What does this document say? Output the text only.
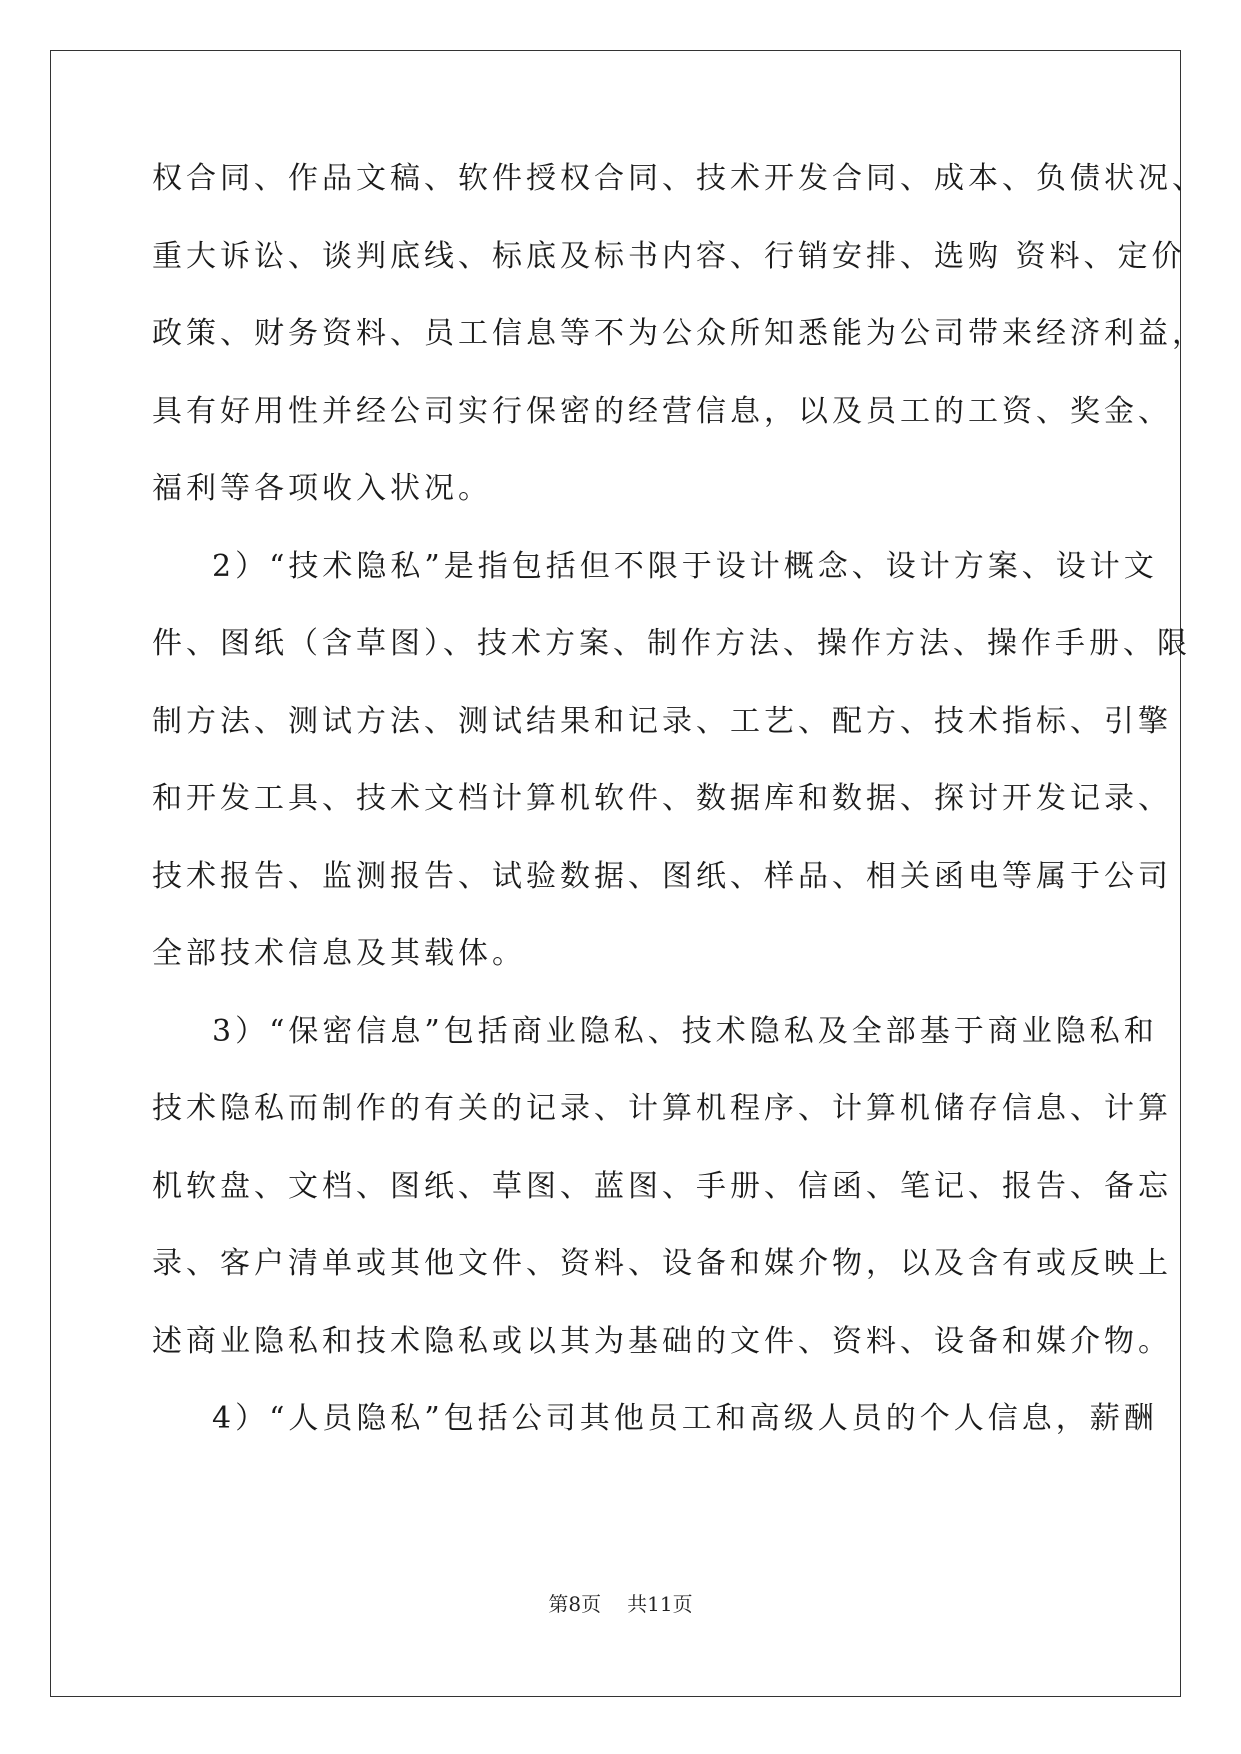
权合同、作品文稿、软件授权合同、技术开发合同、成本、负债状况、
重大诉讼、谈判底线、标底及标书内容、行销安排、选购 资料、定价
政策、财务资料、员工信息等不为公众所知悉能为公司带来经济利益，
具有好用性并经公司实行保密的经营信息，以及员工的工资、奖金、
福利等各项收入状况。
2）“技术隐私”是指包括但不限于设计概念、设计方案、设计文
件、图纸（含草图）、技术方案、制作方法、操作方法、操作手册、限
制方法、测试方法、测试结果和记录、工艺、配方、技术指标、引擎
和开发工具、技术文档计算机软件、数据库和数据、探讨开发记录、
技术报告、监测报告、试验数据、图纸、样品、相关函电等属于公司
全部技术信息及其载体。
3）“保密信息”包括商业隐私、技术隐私及全部基于商业隐私和
技术隐私而制作的有关的记录、计算机程序、计算机储存信息、计算
机软盘、文档、图纸、草图、蓝图、手册、信函、笔记、报告、备忘
录、客户清单或其他文件、资料、设备和媒介物，以及含有或反映上
述商业隐私和技术隐私或以其为基础的文件、资料、设备和媒介物。
4）“人员隐私”包括公司其他员工和高级人员的个人信息，薪酬
第8页 共11页
